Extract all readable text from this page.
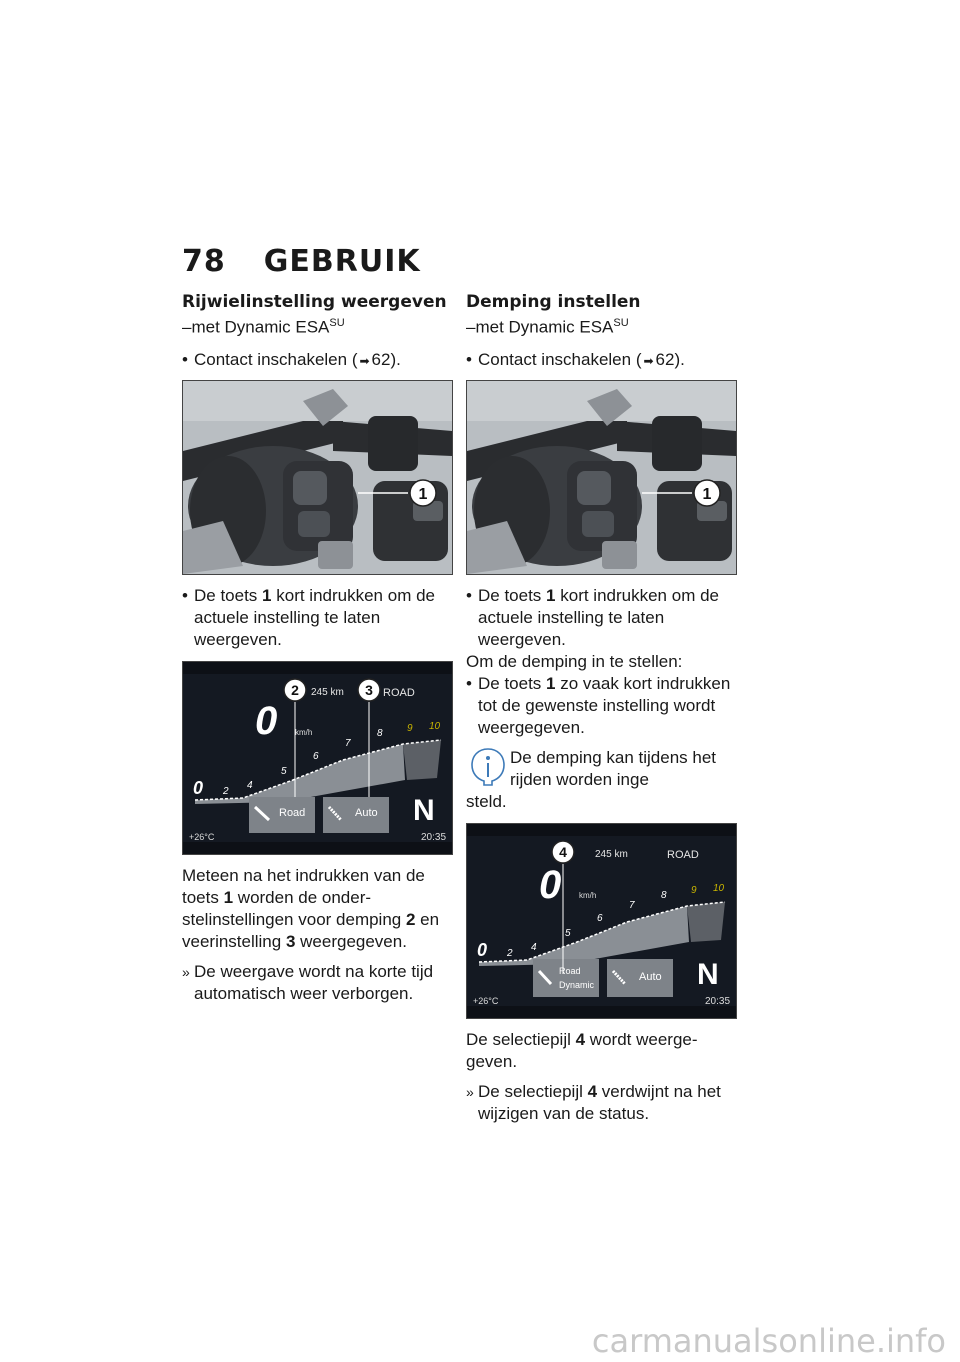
78 GEBRUIK
Rijwielinstelling weergeven

–met Dynamic $ESA^{SU}$

• Contact inschakelen ( ➡ 62).

1

• De toets 1 kort indrukken om de actuele instelling te laten weergeven.

245 km	ROAD
0 km/h
0 2
4
5
6
7
8 9 10
Road	Auto N
+26°C	20:35
2	3

Meteen na het indrukken van de toets 1 worden de onderstelinstellingen voor demping 2 en veerinstelling 3 weergegeven.

» De weergave wordt na korte tijd automatisch weer verborgen.

Demping instellen

–met Dynamic $ESA^{SU}$

• Contact inschakelen ( ➡ 62).

1

• De toets 1 kort indrukken om de actuele instelling te laten weergeven.

Om de demping in te stellen:

• De toets 1 zo vaak kort indrukken tot de gewenste instelling wordt weergegeven.

De demping kan tijdens het rijden worden inge

steld.

245 km	ROAD
0 km/h
0 2
4
5
6
7
8 9 10
Road
Dynamic
Auto N
+26°C	20:35
4

De selectiepijl 4 wordt weergegeven.

» De selectiepijl 4 verdwijnt na het wijzigen van de status.

carmanualsonline.info
